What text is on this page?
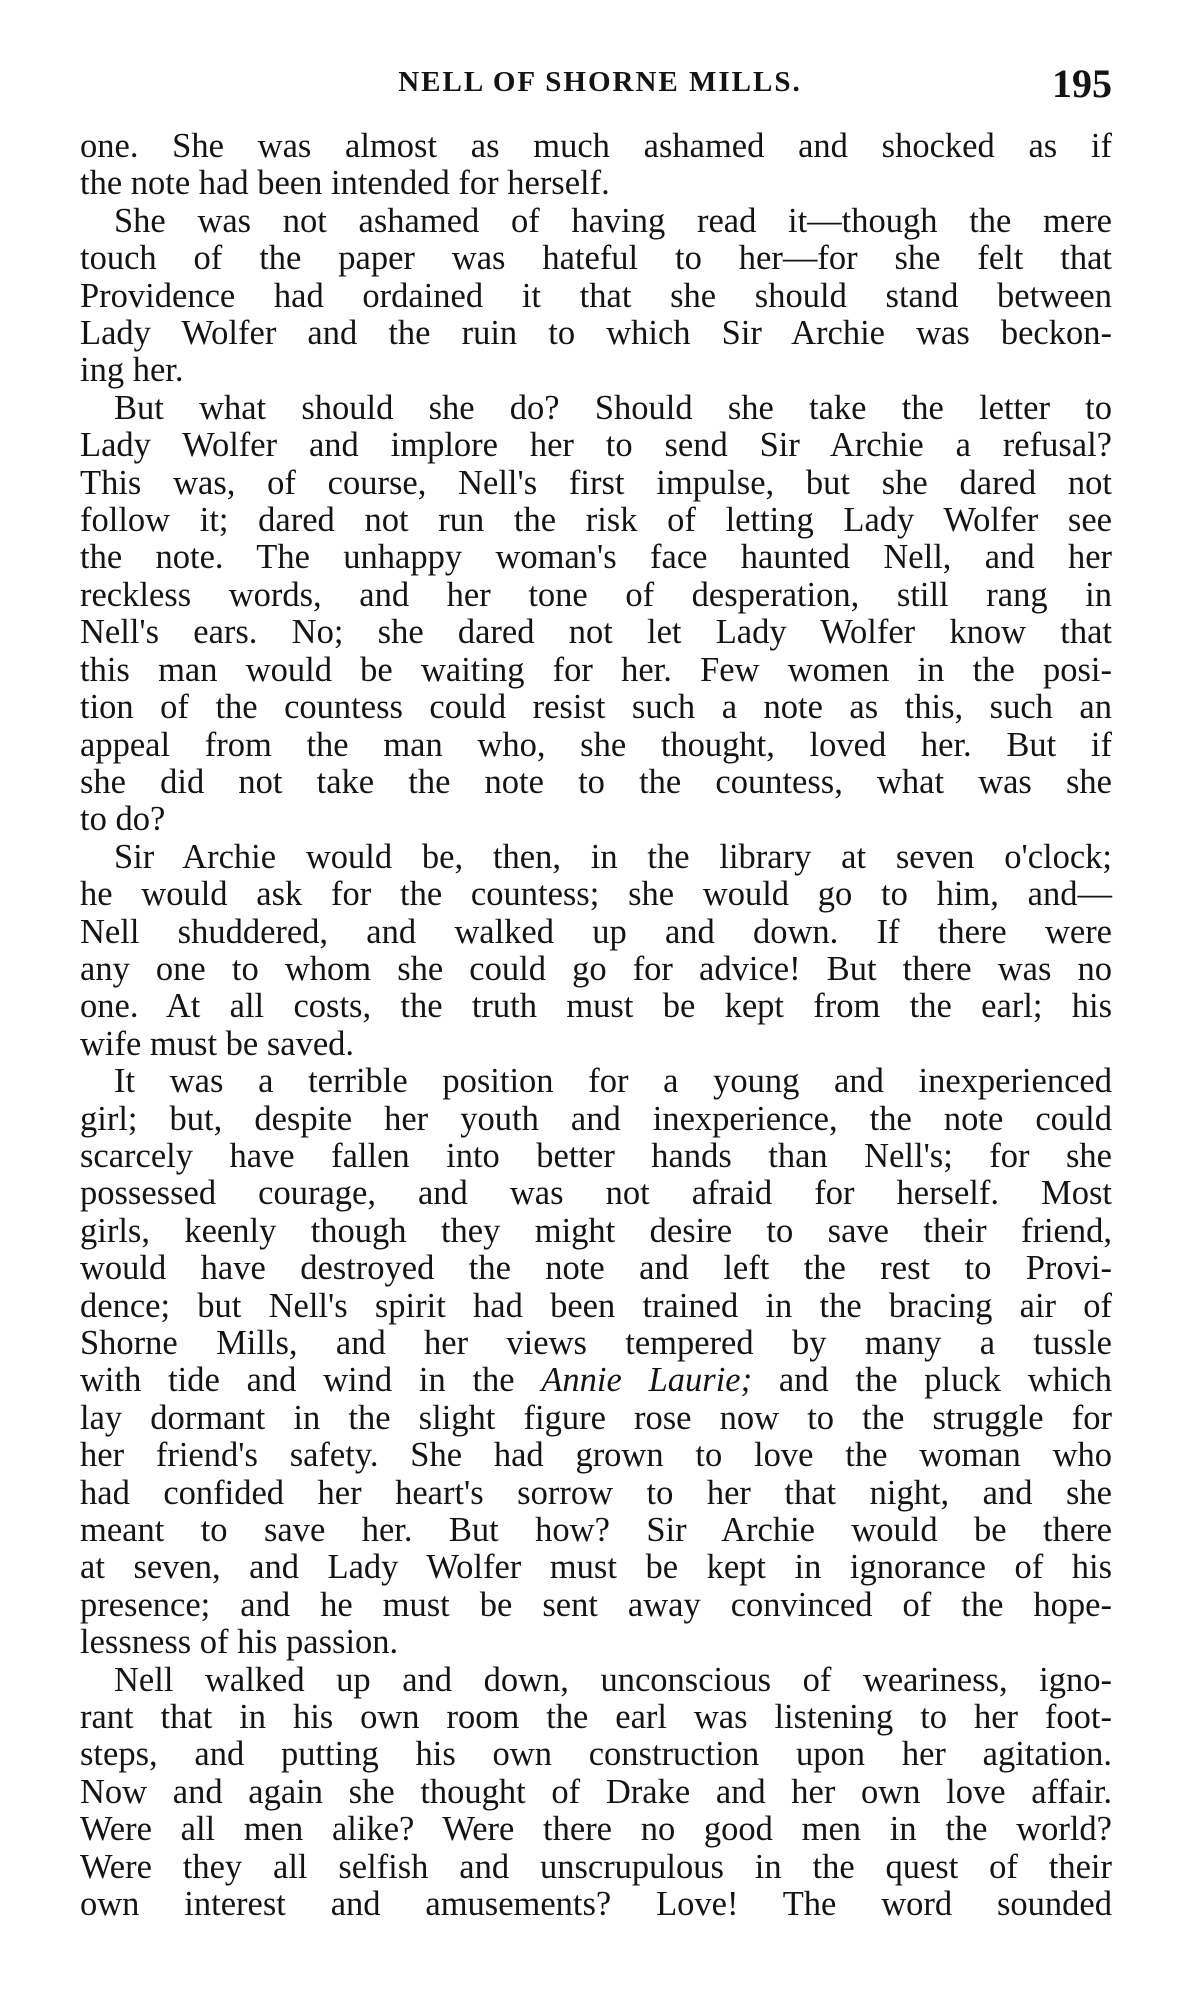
NELL OF SHORNE MILLS.	195
one. She was almost as much ashamed and shocked as if
the note had been intended for herself.
She was not ashamed of having read it—though the mere
touch of the paper was hateful to her—for she felt that
Providence had ordained it that she should stand between
Lady Wolfer and the ruin to which Sir Archie was beckon-
ing her.
But what should she do? Should she take the letter to
Lady Wolfer and implore her to send Sir Archie a refusal?
This was, of course, Nell's first impulse, but she dared not
follow it; dared not run the risk of letting Lady Wolfer see
the note. The unhappy woman's face haunted Nell, and her
reckless words, and her tone of desperation, still rang in
Nell's ears. No; she dared not let Lady Wolfer know that
this man would be waiting for her. Few women in the posi-
tion of the countess could resist such a note as this, such an
appeal from the man who, she thought, loved her. But if
she did not take the note to the countess, what was she
to do?
Sir Archie would be, then, in the library at seven o'clock;
he would ask for the countess; she would go to him, and—
Nell shuddered, and walked up and down. If there were
any one to whom she could go for advice! But there was no
one. At all costs, the truth must be kept from the earl; his
wife must be saved.
It was a terrible position for a young and inexperienced
girl; but, despite her youth and inexperience, the note could
scarcely have fallen into better hands than Nell's; for she
possessed courage, and was not afraid for herself. Most
girls, keenly though they might desire to save their friend,
would have destroyed the note and left the rest to Provi-
dence; but Nell's spirit had been trained in the bracing air of
Shorne Mills, and her views tempered by many a tussle
with tide and wind in the Annie Laurie; and the pluck which
lay dormant in the slight figure rose now to the struggle for
her friend's safety. She had grown to love the woman who
had confided her heart's sorrow to her that night, and she
meant to save her. But how? Sir Archie would be there
at seven, and Lady Wolfer must be kept in ignorance of his
presence; and he must be sent away convinced of the hope-
lessness of his passion.
Nell walked up and down, unconscious of weariness, igno-
rant that in his own room the earl was listening to her foot-
steps, and putting his own construction upon her agitation.
Now and again she thought of Drake and her own love affair.
Were all men alike? Were there no good men in the world?
Were they all selfish and unscrupulous in the quest of their
own interest and amusements? Love! The word sounded
